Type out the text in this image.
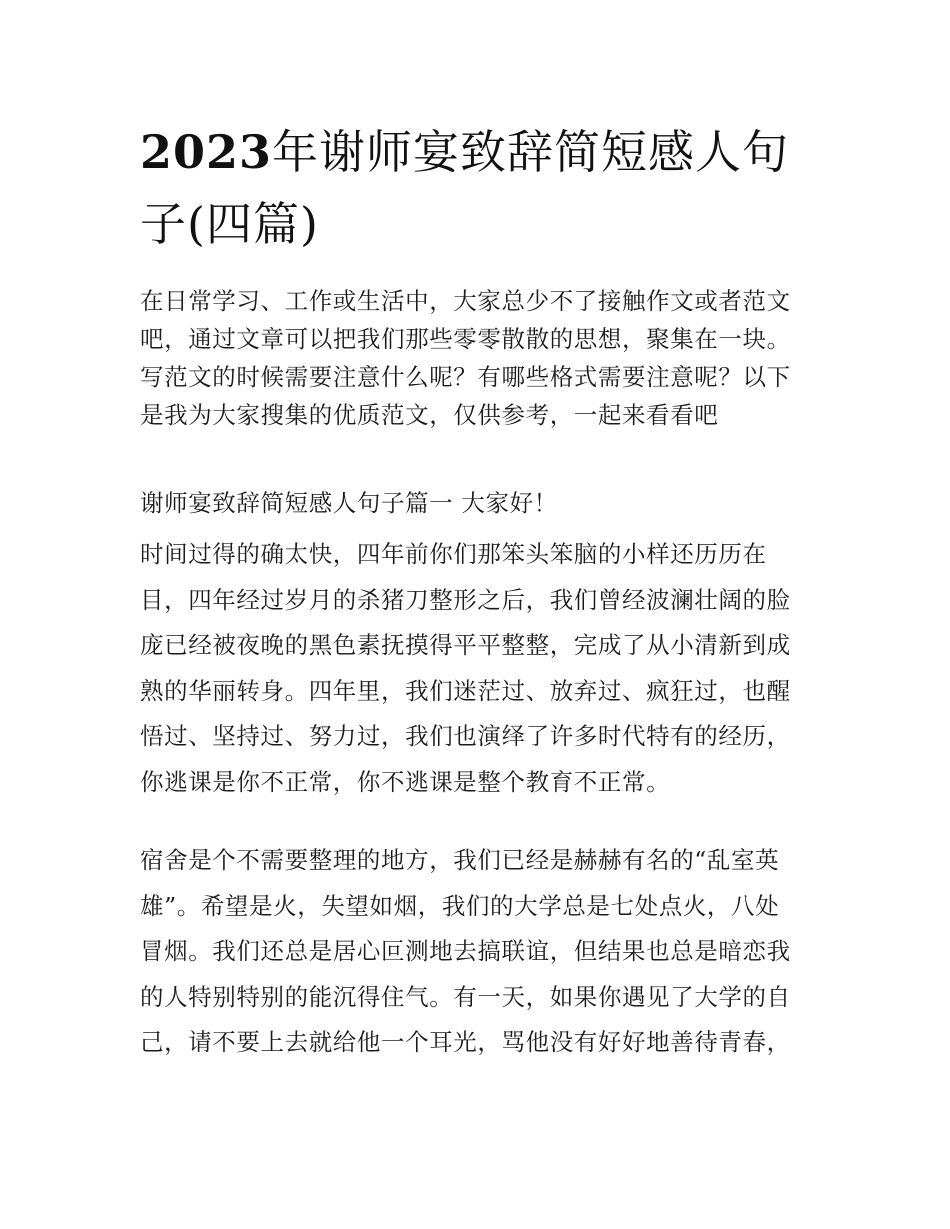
2023年谢师宴致辞简短感人句
子(四篇)
在日常学习、工作或生活中，大家总少不了接触作文或者范文
吧，通过文章可以把我们那些零零散散的思想，聚集在一块。
写范文的时候需要注意什么呢？有哪些格式需要注意呢？以下
是我为大家搜集的优质范文，仅供参考，一起来看看吧
谢师宴致辞简短感人句子篇一 大家好！
时间过得的确太快，四年前你们那笨头笨脑的小样还历历在
目，四年经过岁月的杀猪刀整形之后，我们曾经波澜壮阔的脸
庞已经被夜晚的黑色素抚摸得平平整整，完成了从小清新到成
熟的华丽转身。四年里，我们迷茫过、放弃过、疯狂过，也醒
悟过、坚持过、努力过，我们也演绎了许多时代特有的经历，
你逃课是你不正常，你不逃课是整个教育不正常。
宿舍是个不需要整理的地方，我们已经是赫赫有名的“乱室英
雄”。希望是火，失望如烟，我们的大学总是七处点火，八处
冒烟。我们还总是居心叵测地去搞联谊，但结果也总是暗恋我
的人特别特别的能沉得住气。有一天，如果你遇见了大学的自
己，请不要上去就给他一个耳光，骂他没有好好地善待青春，
